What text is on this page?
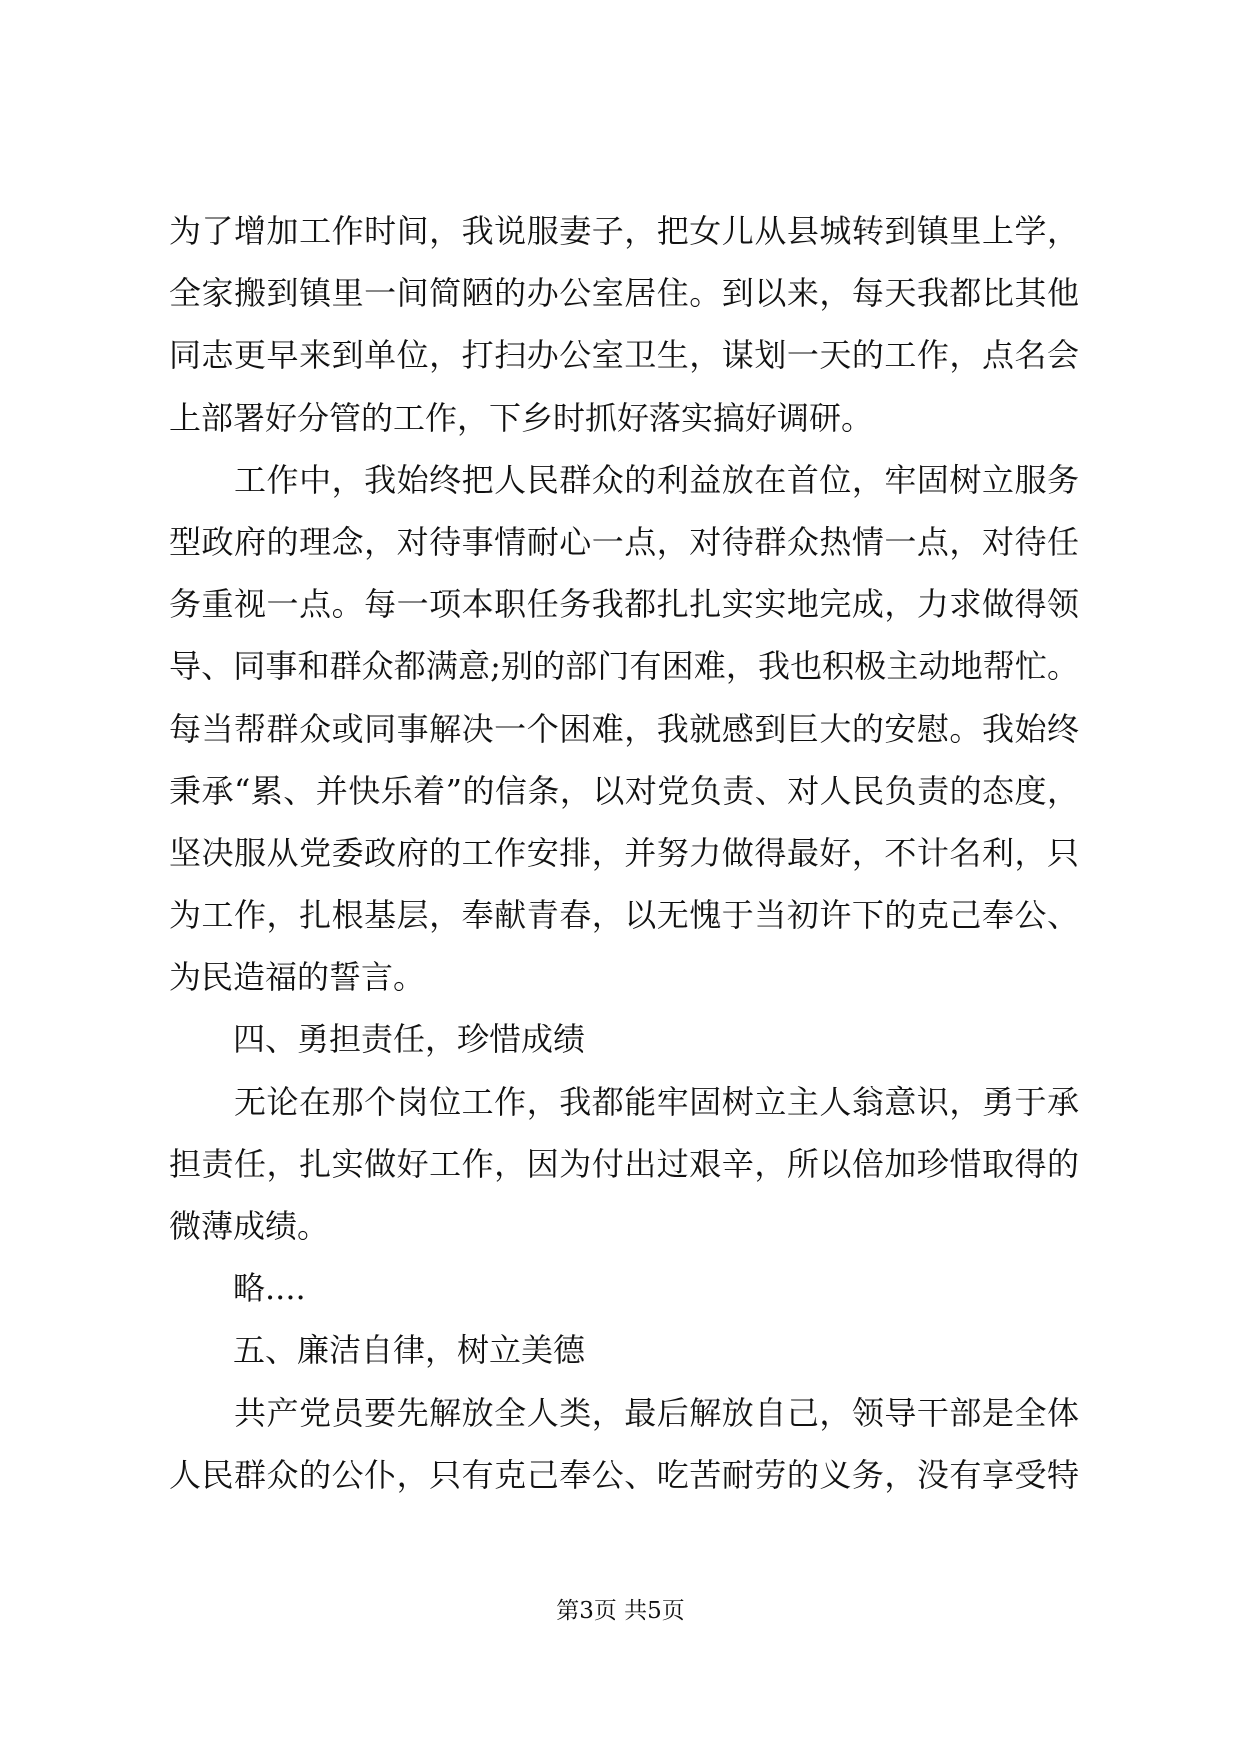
为了增加工作时间，我说服妻子，把女儿从县城转到镇里上学，
全家搬到镇里一间简陋的办公室居住。到以来，每天我都比其他
同志更早来到单位，打扫办公室卫生，谋划一天的工作，点名会
上部署好分管的工作，下乡时抓好落实搞好调研。
　　工作中，我始终把人民群众的利益放在首位，牢固树立服务
型政府的理念，对待事情耐心一点，对待群众热情一点，对待任
务重视一点。每一项本职任务我都扎扎实实地完成，力求做得领
导、同事和群众都满意;别的部门有困难，我也积极主动地帮忙。
每当帮群众或同事解决一个困难，我就感到巨大的安慰。我始终
秉承“累、并快乐着”的信条，以对党负责、对人民负责的态度，
坚决服从党委政府的工作安排，并努力做得最好，不计名利，只
为工作，扎根基层，奉献青春，以无愧于当初许下的克己奉公、
为民造福的誓言。
　　四、勇担责任，珍惜成绩
　　无论在那个岗位工作，我都能牢固树立主人翁意识，勇于承
担责任，扎实做好工作，因为付出过艰辛，所以倍加珍惜取得的
微薄成绩。
　　略....
　　五、廉洁自律，树立美德
　　共产党员要先解放全人类，最后解放自己，领导干部是全体
人民群众的公仆，只有克己奉公、吃苦耐劳的义务，没有享受特
第3页 共5页
